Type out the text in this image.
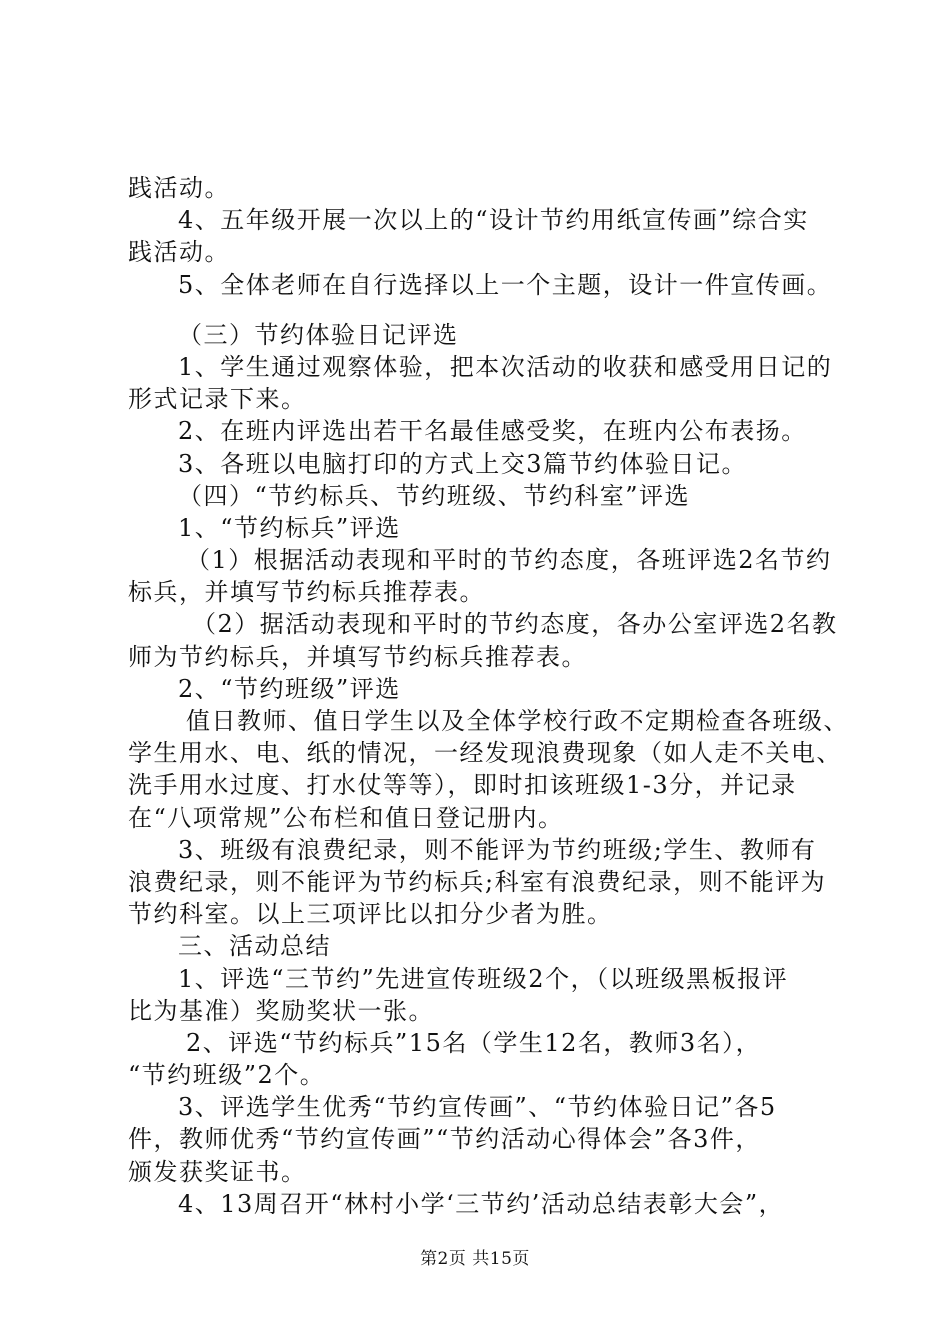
践活动。
4、五年级开展一次以上的“设计节约用纸宣传画”综合实
践活动。
5、全体老师在自行选择以上一个主题，设计一件宣传画。
（三）节约体验日记评选
1、学生通过观察体验，把本次活动的收获和感受用日记的
形式记录下来。
2、在班内评选出若干名最佳感受奖，在班内公布表扬。
3、各班以电脑打印的方式上交3篇节约体验日记。
（四）“节约标兵、节约班级、节约科室”评选
1、“节约标兵”评选
（1）根据活动表现和平时的节约态度，各班评选2名节约
标兵，并填写节约标兵推荐表。
（2）据活动表现和平时的节约态度，各办公室评选2名教
师为节约标兵，并填写节约标兵推荐表。
2、“节约班级”评选
值日教师、值日学生以及全体学校行政不定期检查各班级、
学生用水、电、纸的情况，一经发现浪费现象（如人走不关电、
洗手用水过度、打水仗等等），即时扣该班级1-3分，并记录
在“八项常规”公布栏和值日登记册内。
3、班级有浪费纪录，则不能评为节约班级;学生、教师有
浪费纪录，则不能评为节约标兵;科室有浪费纪录，则不能评为
节约科室。以上三项评比以扣分少者为胜。
三、活动总结
1、评选“三节约”先进宣传班级2个，（以班级黑板报评
比为基准）奖励奖状一张。
2、评选“节约标兵”15名（学生12名，教师3名），
“节约班级”2个。
3、评选学生优秀“节约宣传画”、“节约体验日记”各5
件，教师优秀“节约宣传画”“节约活动心得体会”各3件，
颁发获奖证书。
4、13周召开“林村小学‘三节约’活动总结表彰大会”，
第2页 共15页
